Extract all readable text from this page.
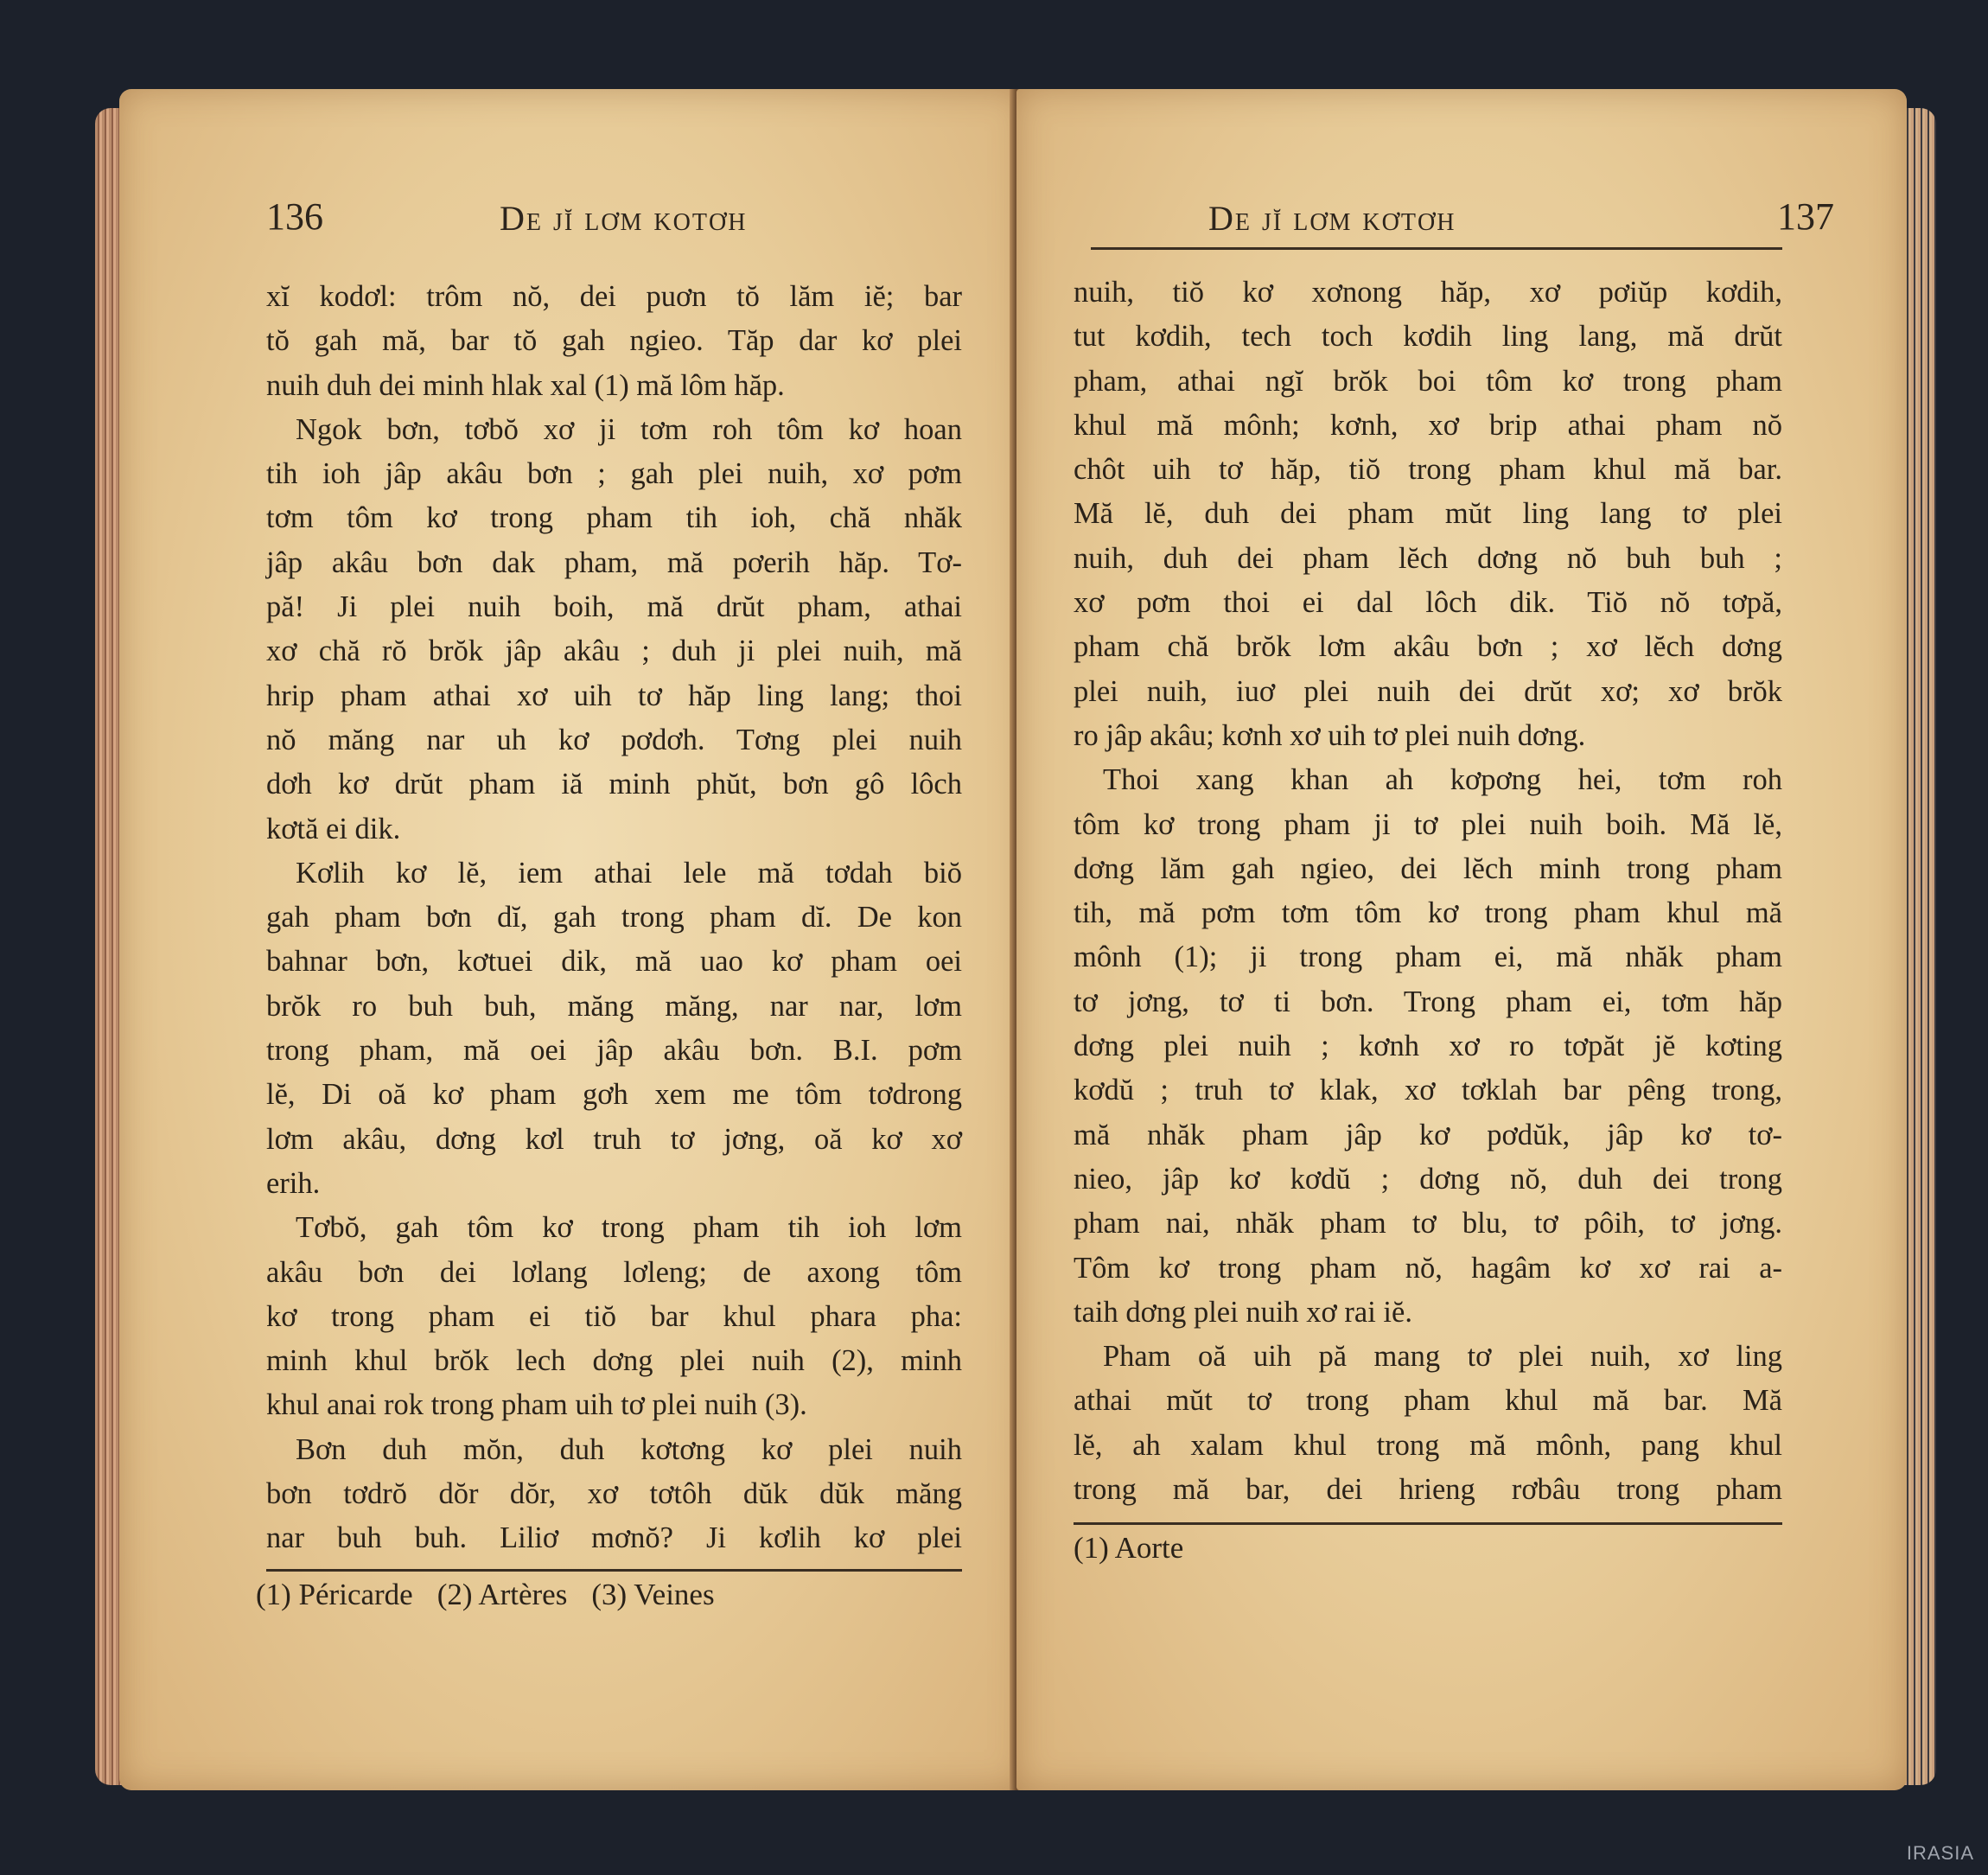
136	De jĭ lơm kotơh
xĭ kodơl: trôm nŏ, dei puơn tŏ lăm iĕ; bar
tŏ gah mă, bar tŏ gah ngieo. Tăp dar kơ plei
nuih duh dei minh hlak xal (1) mă lôm hăp.
Ngok bơn, tơbŏ xơ ji tơm roh tôm kơ hoan
tih ioh jâp akâu bơn ; gah plei nuih, xơ pơm
tơm tôm kơ trong pham tih ioh, chă nhăk
jâp akâu bơn dak pham, mă pơerih hăp. Tơ-
pă! Ji plei nuih boih, mă drŭt pham, athai
xơ chă rŏ brŏk jâp akâu ; duh ji plei nuih, mă
hrip pham athai xơ uih tơ hăp ling lang; thoi
nŏ măng nar uh kơ pơdơh. Tơng plei nuih
dơh kơ drŭt pham iă minh phŭt, bơn gô lôch
kơtă ei dik.
Kơlih kơ lĕ, iem athai lele mă tơdah biŏ
gah pham bơn dĭ, gah trong pham dĭ. De kon
bahnar bơn, kơtuei dik, mă uao kơ pham oei
brŏk ro buh buh, măng măng, nar nar, lơm
trong pham, mă oei jâp akâu bơn. B.I. pơm
lĕ, Di oă kơ pham gơh xem me tôm tơdrong
lơm akâu, dơng kơl truh tơ jơng, oă kơ xơ
erih.
Tơbŏ, gah tôm kơ trong pham tih ioh lơm
akâu bơn dei lơlang lơleng; de axong tôm
kơ trong pham ei tiŏ bar khul phara pha:
minh khul brŏk lech dơng plei nuih (2), minh
khul anai rok trong pham uih tơ plei nuih (3).
Bơn duh mŏn, duh kơtơng kơ plei nuih
bơn tơdrŏ dŏr dŏr, xơ tơtôh dŭk dŭk măng
nar buh buh. Liliơ mơnŏ? Ji kơlih kơ plei
(1) Péricarde (2) Artères (3) Veines
De jĭ lơm kơtơh	137
nuih, tiŏ kơ xơnong hăp, xơ pơiŭp kơdih,
tut kơdih, tech toch kơdih ling lang, mă drŭt
pham, athai ngĭ brŏk boi tôm kơ trong pham
khul mă mônh; kơnh, xơ brip athai pham nŏ
chôt uih tơ hăp, tiŏ trong pham khul mă bar.
Mă lĕ, duh dei pham mŭt ling lang tơ plei
nuih, duh dei pham lĕch dơng nŏ buh buh ;
xơ pơm thoi ei dal lôch dik. Tiŏ nŏ tơpă,
pham chă brŏk lơm akâu bơn ; xơ lĕch dơng
plei nuih, iuơ plei nuih dei drŭt xơ; xơ brŏk
ro jâp akâu; kơnh xơ uih tơ plei nuih dơng.
Thoi xang khan ah kơpơng hei, tơm roh
tôm kơ trong pham ji tơ plei nuih boih. Mă lĕ,
dơng lăm gah ngieo, dei lĕch minh trong pham
tih, mă pơm tơm tôm kơ trong pham khul mă
mônh (1); ji trong pham ei, mă nhăk pham
tơ jơng, tơ ti bơn. Trong pham ei, tơm hăp
dơng plei nuih ; kơnh xơ ro tơpăt jĕ kơting
kơdŭ ; truh tơ klak, xơ tơklah bar pêng trong,
mă nhăk pham jâp kơ pơdŭk, jâp kơ tơ-
nieo, jâp kơ kơdŭ ; dơng nŏ, duh dei trong
pham nai, nhăk pham tơ blu, tơ pôih, tơ jơng.
Tôm kơ trong pham nŏ, hagâm kơ xơ rai a-
taih dơng plei nuih xơ rai iĕ.
Pham oă uih pă mang tơ plei nuih, xơ ling
athai mŭt tơ trong pham khul mă bar. Mă
lĕ, ah xalam khul trong mă mônh, pang khul
trong mă bar, dei hrieng rơbâu trong pham
(1) Aorte
IRASIA
